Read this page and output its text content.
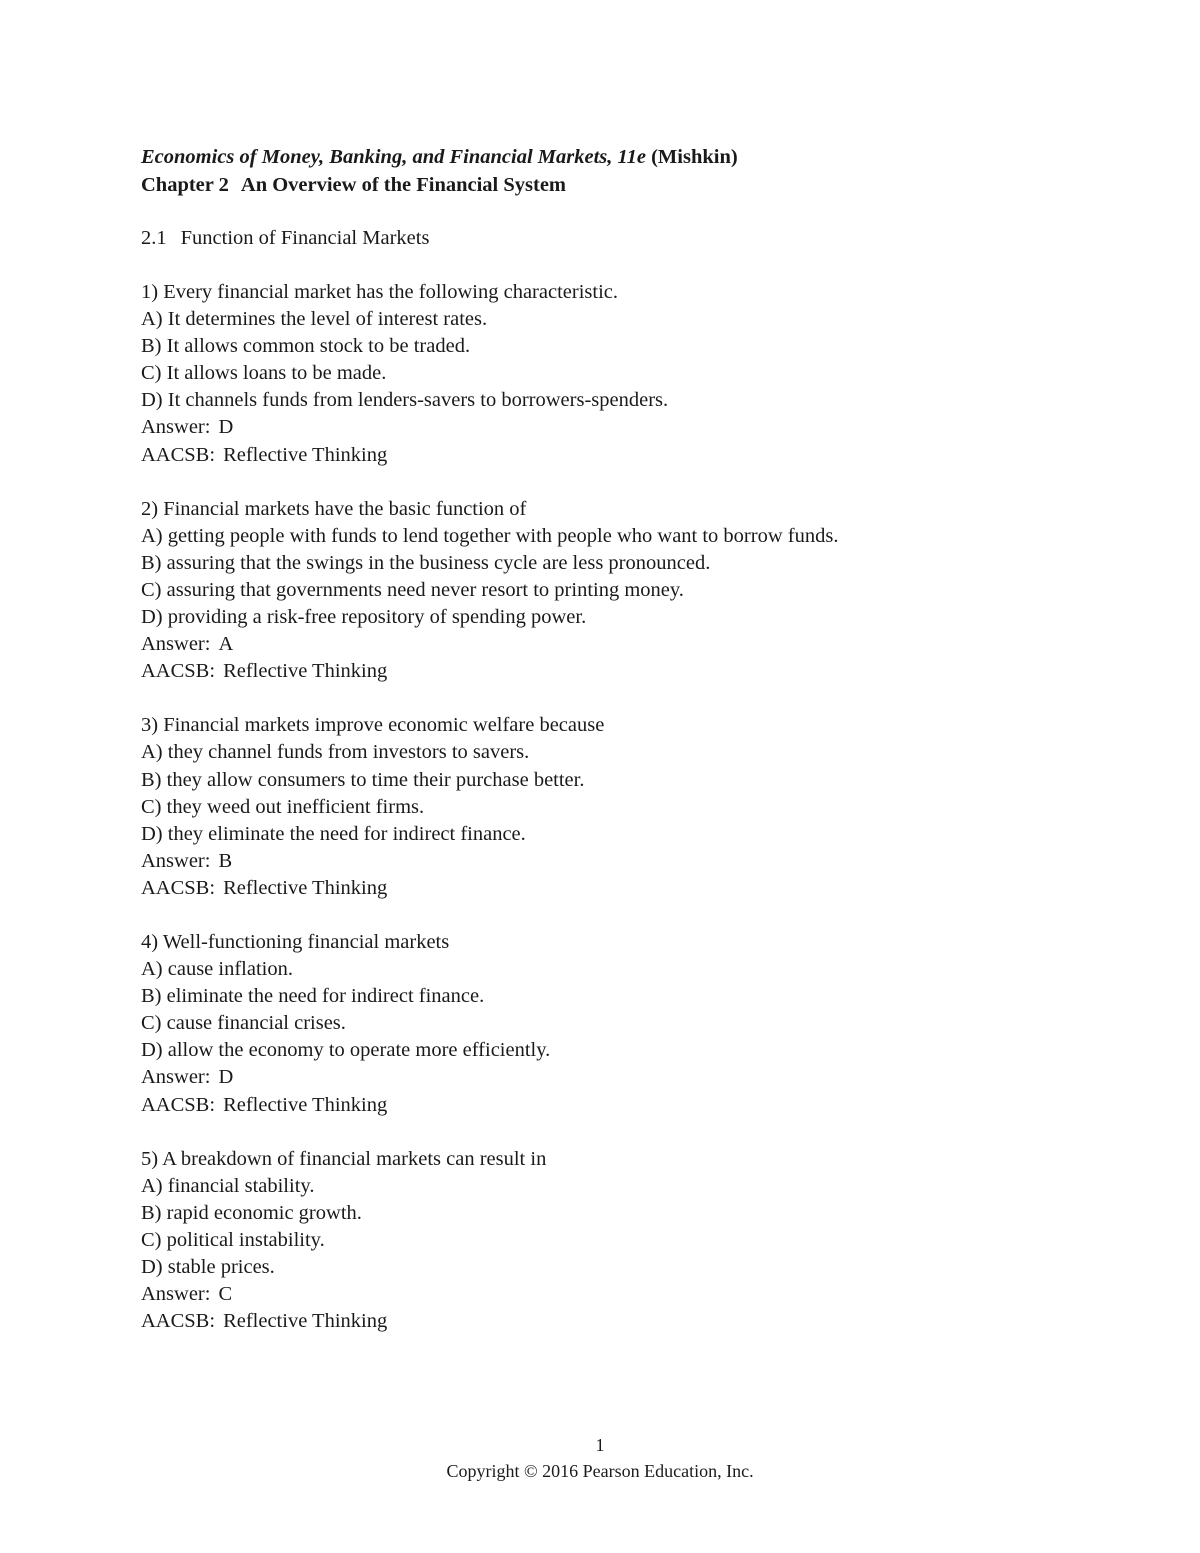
Economics of Money, Banking, and Financial Markets, 11e (Mishkin)
Chapter 2 An Overview of the Financial System
2.1 Function of Financial Markets
1) Every financial market has the following characteristic.
A) It determines the level of interest rates.
B) It allows common stock to be traded.
C) It allows loans to be made.
D) It channels funds from lenders-savers to borrowers-spenders.
Answer: D
AACSB: Reflective Thinking
2) Financial markets have the basic function of
A) getting people with funds to lend together with people who want to borrow funds.
B) assuring that the swings in the business cycle are less pronounced.
C) assuring that governments need never resort to printing money.
D) providing a risk-free repository of spending power.
Answer: A
AACSB: Reflective Thinking
3) Financial markets improve economic welfare because
A) they channel funds from investors to savers.
B) they allow consumers to time their purchase better.
C) they weed out inefficient firms.
D) they eliminate the need for indirect finance.
Answer: B
AACSB: Reflective Thinking
4) Well-functioning financial markets
A) cause inflation.
B) eliminate the need for indirect finance.
C) cause financial crises.
D) allow the economy to operate more efficiently.
Answer: D
AACSB: Reflective Thinking
5) A breakdown of financial markets can result in
A) financial stability.
B) rapid economic growth.
C) political instability.
D) stable prices.
Answer: C
AACSB: Reflective Thinking
1
Copyright © 2016 Pearson Education, Inc.
